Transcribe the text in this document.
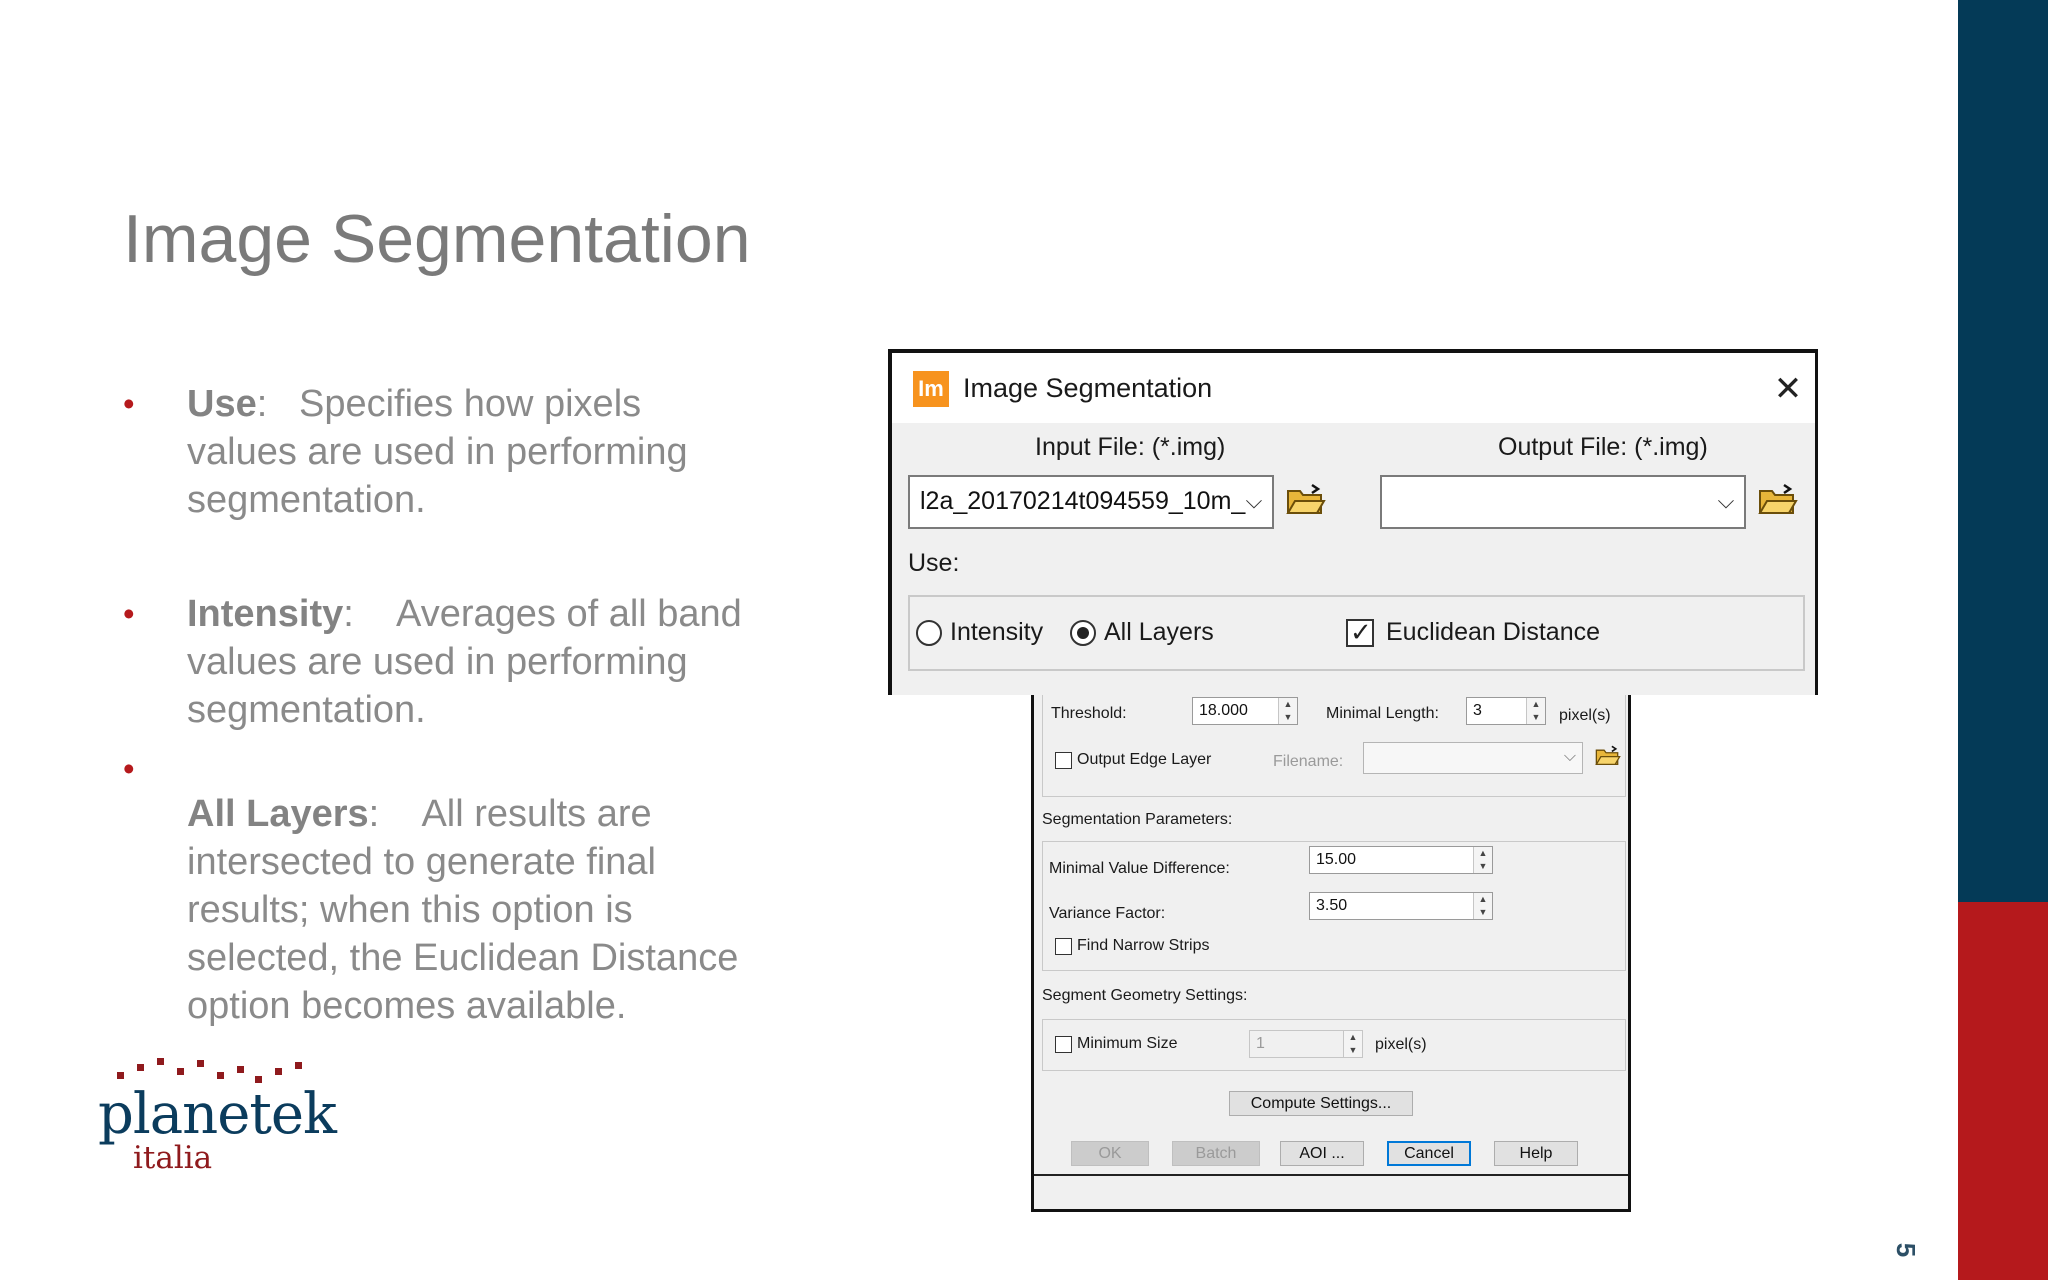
5
Image Segmentation
• Use: Specifies how pixels values are used in performing segmentation.
• Intensity: Averages of all band values are used in performing segmentation.
•
All Layers: All results are intersected to generate final results; when this option is selected, the Euclidean Distance option becomes available.
planetek
italia
Im Image Segmentation	✕
Input File: (*.img)	Output File: (*.img)
l2a_20170214t094559_10m_ ⌵	⌵
Use:
Intensity All Layers	✓ Euclidean Distance
Threshold:	18.000	▲
▼ Minimal Length: 3	▲
▼ pixel(s)
Output Edge Layer	Filename:	⌵
Segmentation Parameters:
Minimal Value Difference:
15.00	▲
▼
Variance Factor:	3.50	▲
▼
Find Narrow Strips
Segment Geometry Settings:
Minimum Size	1	▲
▼ pixel(s)
Compute Settings...
OK	Batch	AOI ...	Cancel	Help
